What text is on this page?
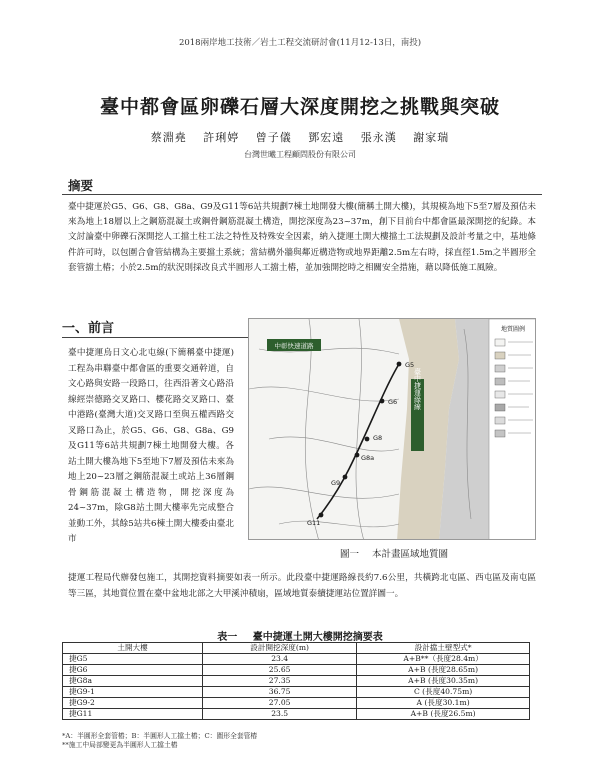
2018兩岸地工技術／岩土工程交流研討會(11月12-13日，南投)
臺中都會區卵礫石層大深度開挖之挑戰與突破
蔡淵堯 許琍婷 曾子儀 鄧宏遠 張永漢 謝家瑞
台灣世曦工程顧問股份有限公司
摘要
臺中捷運於G5、G6、G8、G8a、G9及G11等6站共規劃7棟土地開發大樓(簡稱土開大樓)，其規模為地下5至7層及預估未來為地上18層以上之鋼筋混凝土或鋼骨鋼筋混凝土構造，開挖深度為23~37m，創下目前台中都會區最深開挖的紀錄。本文討論臺中卵礫石深開挖人工擋土柱工法之特性及特殊安全因素，納入捷運土開大樓擋土工法規劃及設計考量之中，基地條件許可時，以包圍合會管結構為主要擋土系統；當結構外牆與鄰近構造物或地界距離2.5m左右時，採直徑1.5m之半圓形全套管擋土樁；小於2.5m的狀況則採改良式半圓形人工擋土樁，並加強開挖時之相關安全措施，藉以降低施工風險。
一、前言
臺中捷運烏日文心北屯線(下簡稱臺中捷運)工程為串聯臺中都會區的重要交通幹道，自文心路與安路一段路口，往西沿著文心路沿線經崇德路交叉路口、櫻花路交叉路口、臺中港路(臺灣大道)交叉路口至與五權西路交叉路口為止，於G5、G6、G8、G8a、G9及G11等6站共規劃7棟土地開發大樓。各站土開大樓為地下5至地下7層及預估未來為地上20~23層之鋼筋混凝土或站上36層鋼骨鋼筋混凝土構造物，開挖深度為24~37m，除G8站土開大樓率先完成整合並動工外，其餘5站共6棟土開大樓委由臺北市
G5
G6
G8
G8a
G9
G11
中彰快速道路
臺中捷運綠線
地質圖例
圖一 本計畫區域地質圖
捷運工程局代辦發包施工，其開挖資料摘要如表一所示。此段臺中捷運路線長約7.6公里，共橫跨北屯區、西屯區及南屯區等三區，其地質位置在臺中盆地北部之大甲溪沖積扇，區域地質泰續捷運站位置詳圖一。
表一 臺中捷運土開大樓開挖摘要表
土開大樓	設計開挖深度(m)	設計擋土壁型式*
捷G5	23.4	A+B**（長度28.4m）
捷G6	25.65	A+B (長度28.65m)
捷G8a	27.35	A+B (長度30.35m)
捷G9-1	36.75	C (長度40.75m)
捷G9-2	27.05	A (長度30.1m)
捷G11	23.5	A+B (長度26.5m)
*A：半圓形全套管樁；B：半圓形人工擋土樁；C：圍形全套管樁
**施工中局部變更為半圓形人工擋土樁
